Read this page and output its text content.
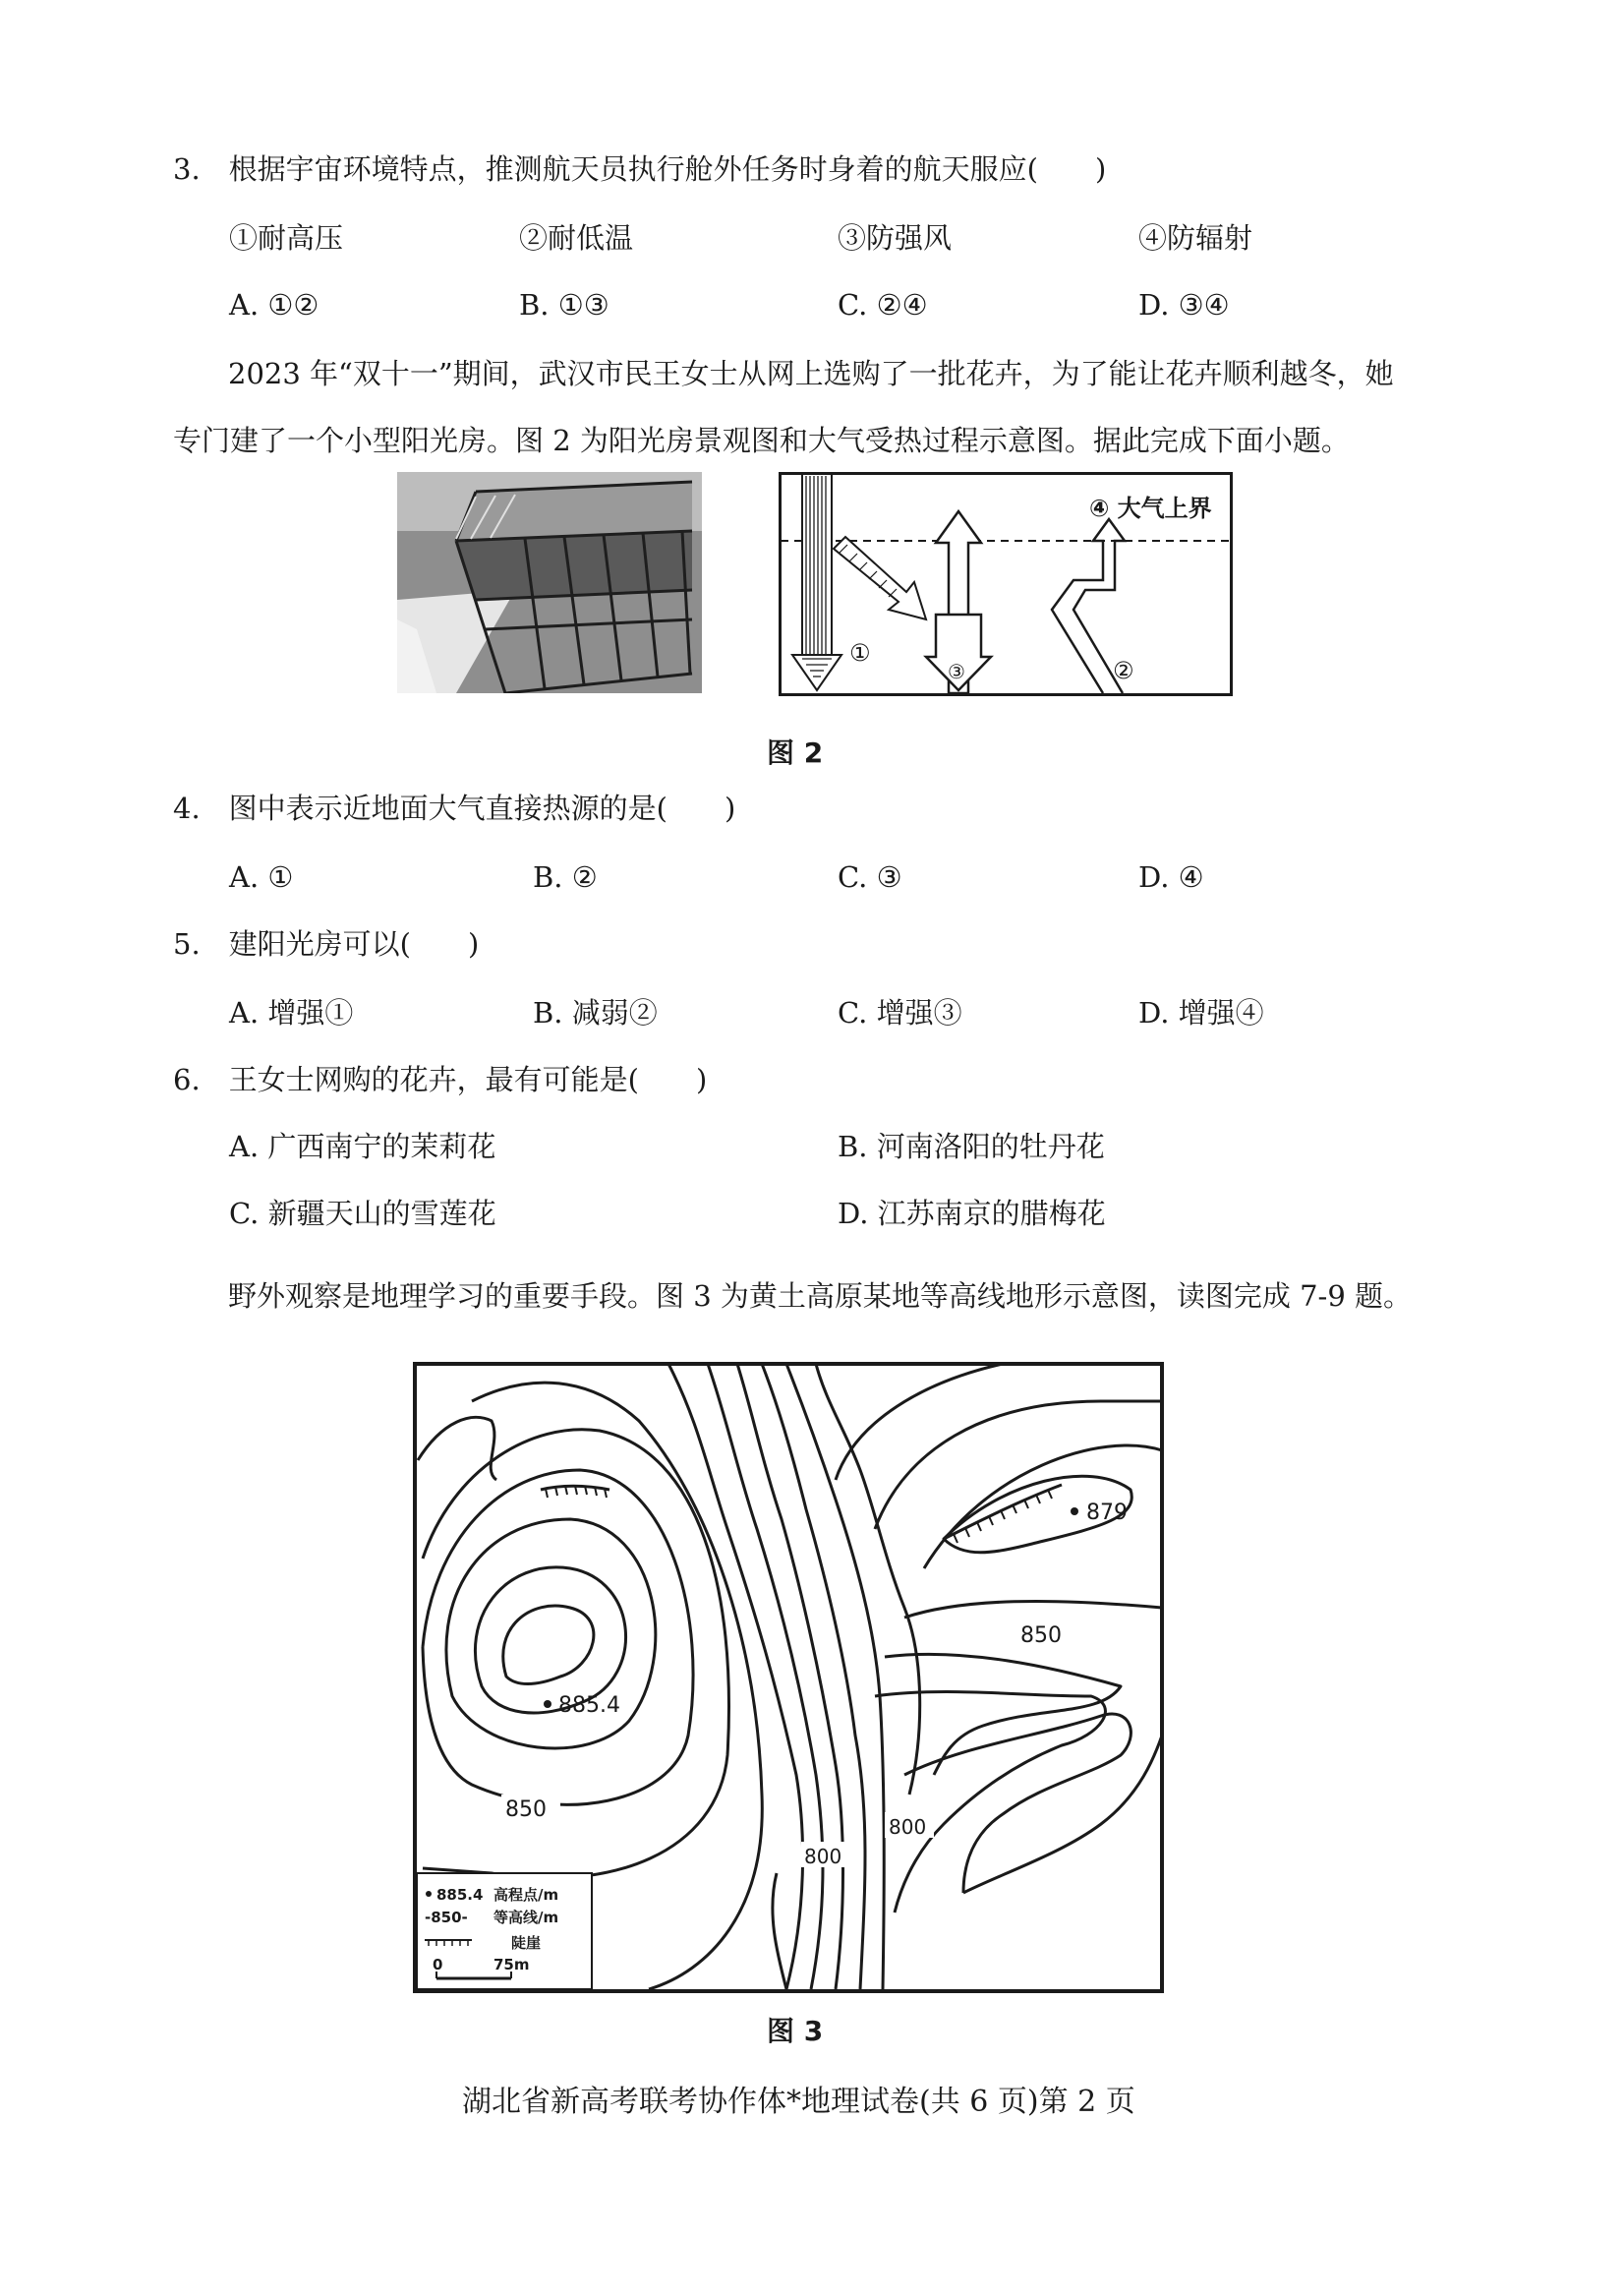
3.　根据宇宙环境特点，推测航天员执行舱外任务时身着的航天服应(　　)
①耐高压	②耐低温	③防强风	④防辐射
A. ①②	B. ①③	C. ②④	D. ③④
2023 年“双十一”期间，武汉市民王女士从网上选购了一批花卉，为了能让花卉顺利越冬，她
专门建了一个小型阳光房。图 2 为阳光房景观图和大气受热过程示意图。据此完成下面小题。
④ 大气上界
①
③	②
图 2
4.　图中表示近地面大气直接热源的是(　　)
A. ①	B. ②	C. ③	D. ④
5.　建阳光房可以(　　)
A. 增强①	B. 减弱②	C. 增强③	D. 增强④
6.　王女士网购的花卉，最有可能是(　　)
A. 广西南宁的茉莉花	B. 河南洛阳的牡丹花
C. 新疆天山的雪莲花	D. 江苏南京的腊梅花
野外观察是地理学习的重要手段。图 3 为黄土高原某地等高线地形示意图，读图完成 7-9 题。
879
885.4
850
850
800
800
885.4 高程点/m
-850- 等高线/m
陡崖
0	75m
图 3
湖北省新高考联考协作体*地理试卷(共 6 页)第 2 页
